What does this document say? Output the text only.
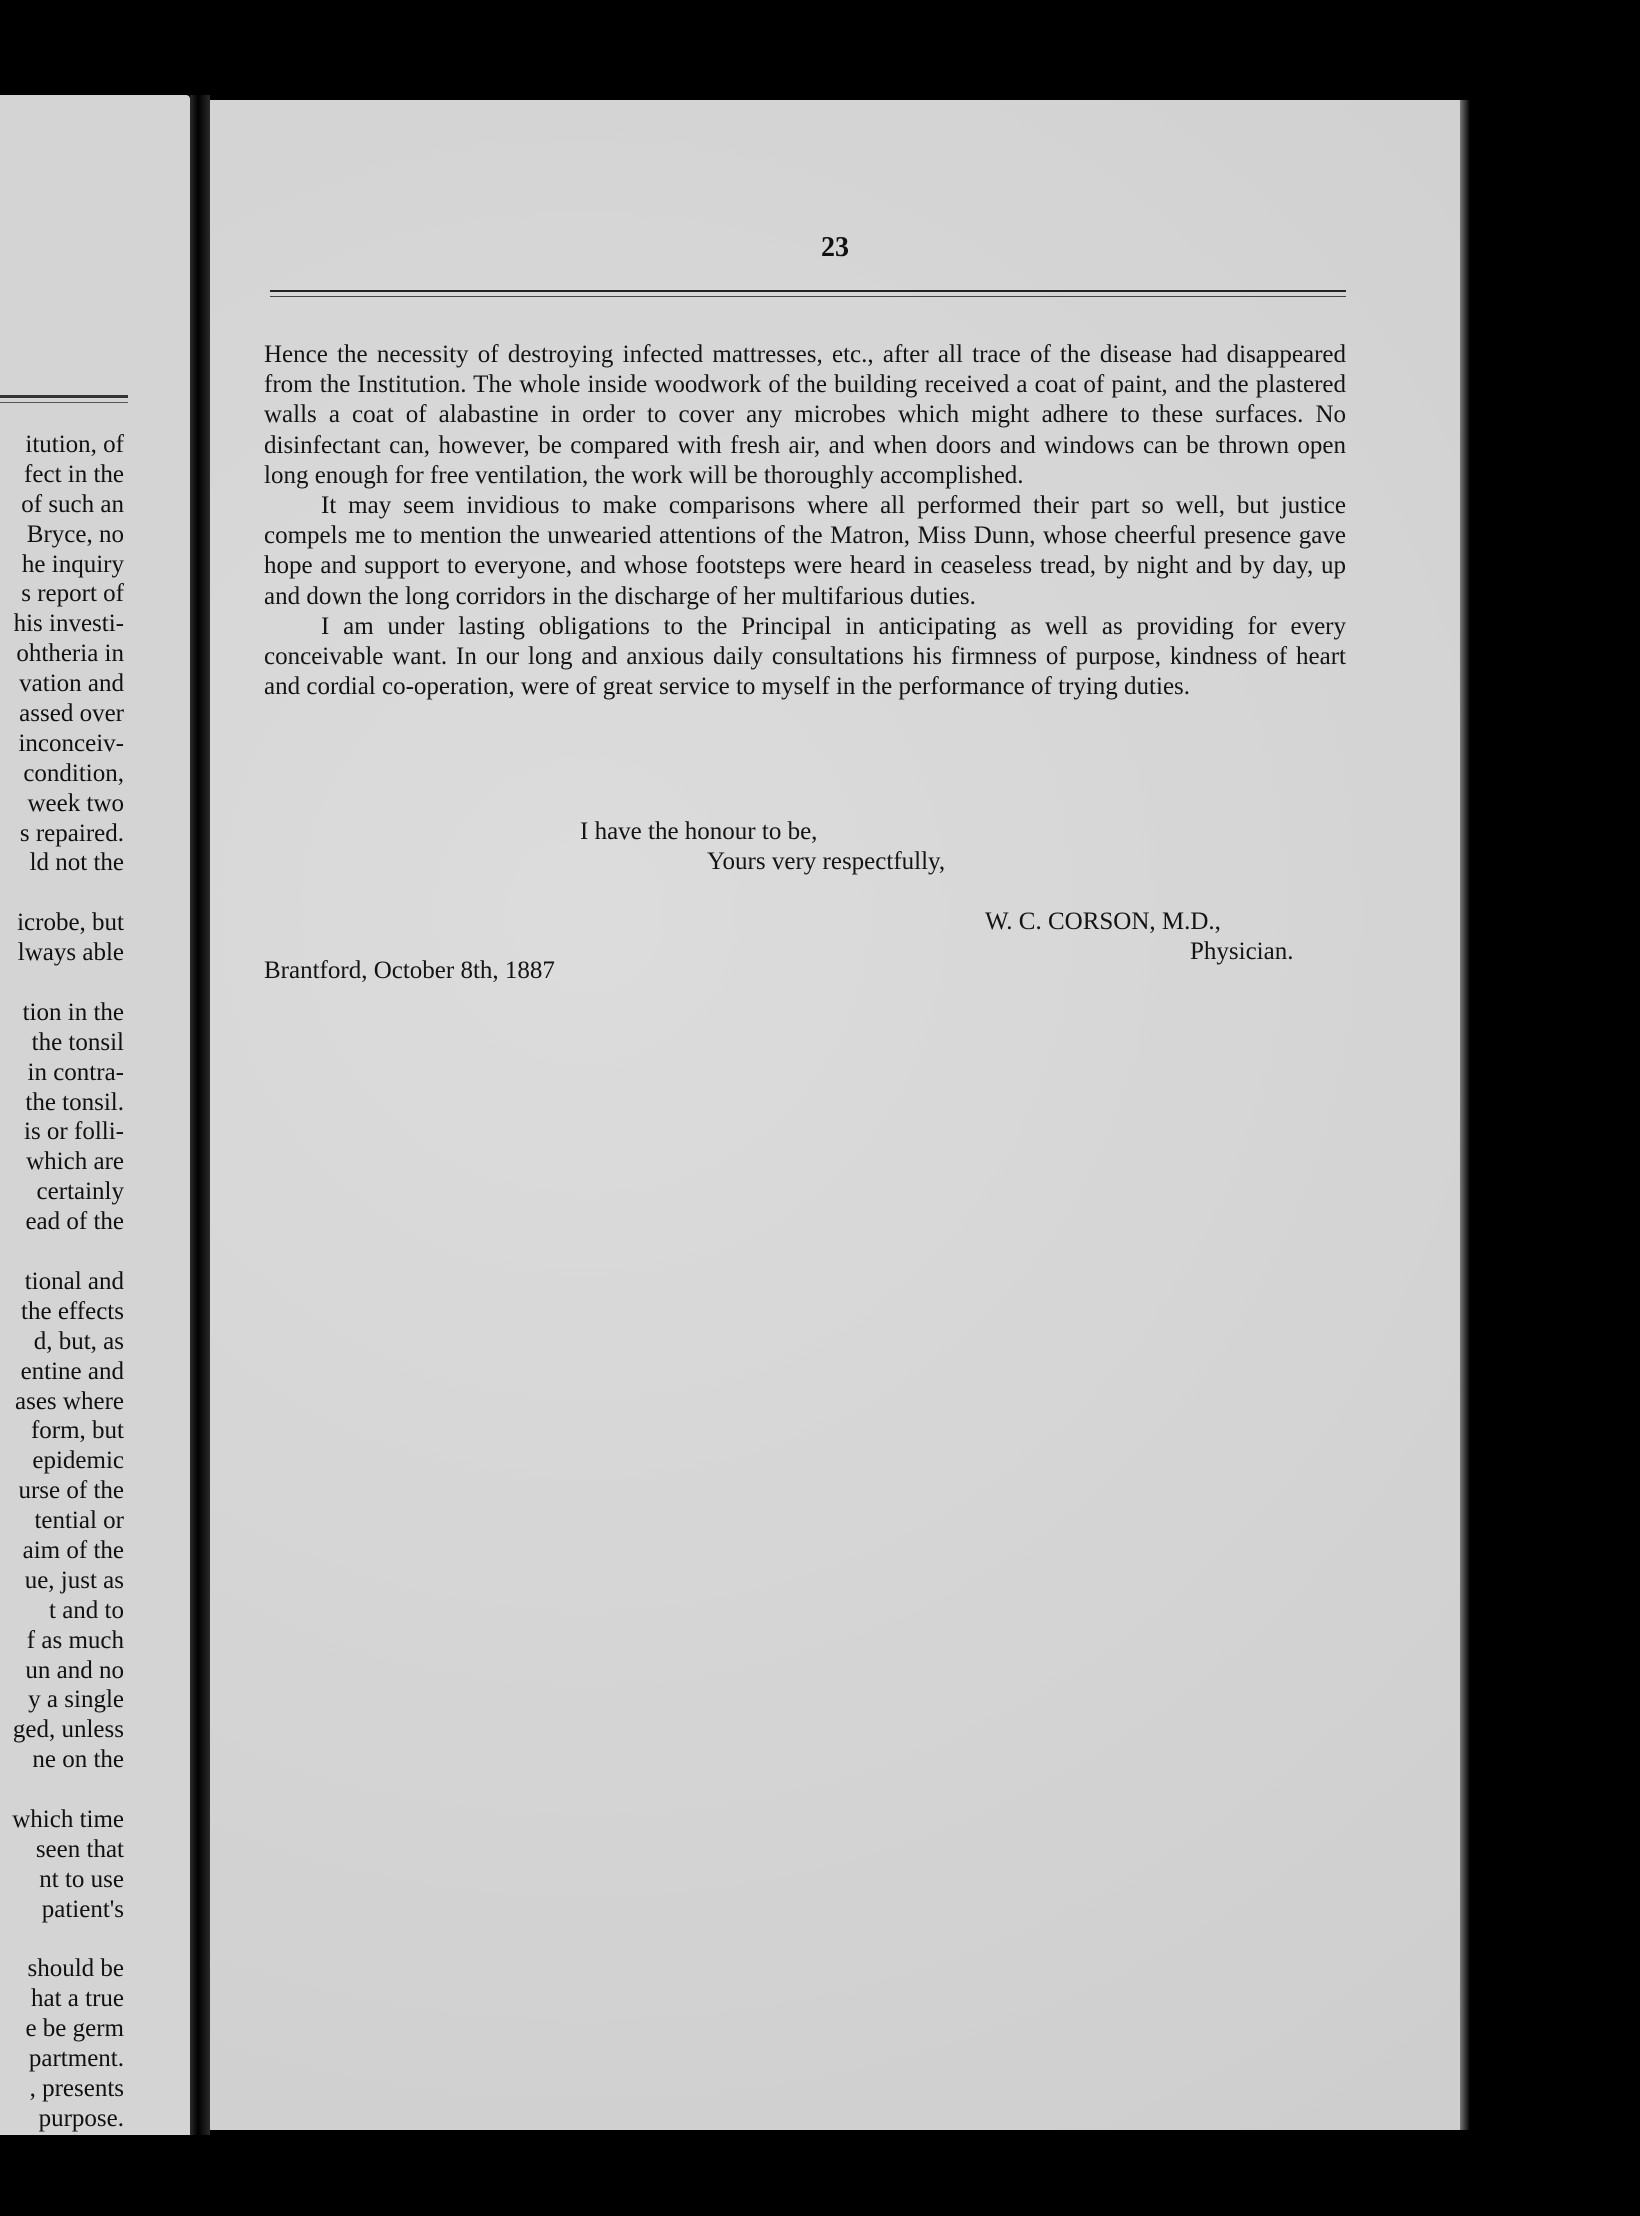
itution, of
fect in the
of such an
Bryce, no
he inquiry
s report of
his investi-
ohtheria in
vation and
assed over
inconceiv-
condition,
week two
s repaired.
ld not the
icrobe, but
lways able
tion in the
the tonsil
in contra-
the tonsil.
is or folli-
which are
certainly
ead of the
tional and
the effects
d, but, as
entine and
ases where
form, but
epidemic
urse of the
tential or
aim of the
ue, just as
t and to
f as much
un and no
y a single
ged, unless
ne on the
which time
seen that
nt to use
patient's
should be
hat a true
e be germ
partment.
, presents
purpose.
23

Hence the necessity of destroying infected mattresses, etc., after all trace of the disease had disappeared from the Institution. The whole inside woodwork of the building received a coat of paint, and the plastered walls a coat of alabastine in order to cover any microbes which might adhere to these surfaces. No disinfectant can, however, be compared with fresh air, and when doors and windows can be thrown open long enough for free ventilation, the work will be thoroughly accomplished.

It may seem invidious to make comparisons where all performed their part so well, but justice compels me to mention the unwearied attentions of the Matron, Miss Dunn, whose cheerful presence gave hope and support to everyone, and whose footsteps were heard in ceaseless tread, by night and by day, up and down the long corridors in the discharge of her multifarious duties.

I am under lasting obligations to the Principal in anticipating as well as providing for every conceivable want. In our long and anxious daily consultations his firmness of purpose, kindness of heart and cordial co-operation, were of great service to myself in the performance of trying duties.

I have the honour to be,
Yours very respectfully,
W. C. CORSON, M.D.,
Physician.
Brantford, October 8th, 1887
